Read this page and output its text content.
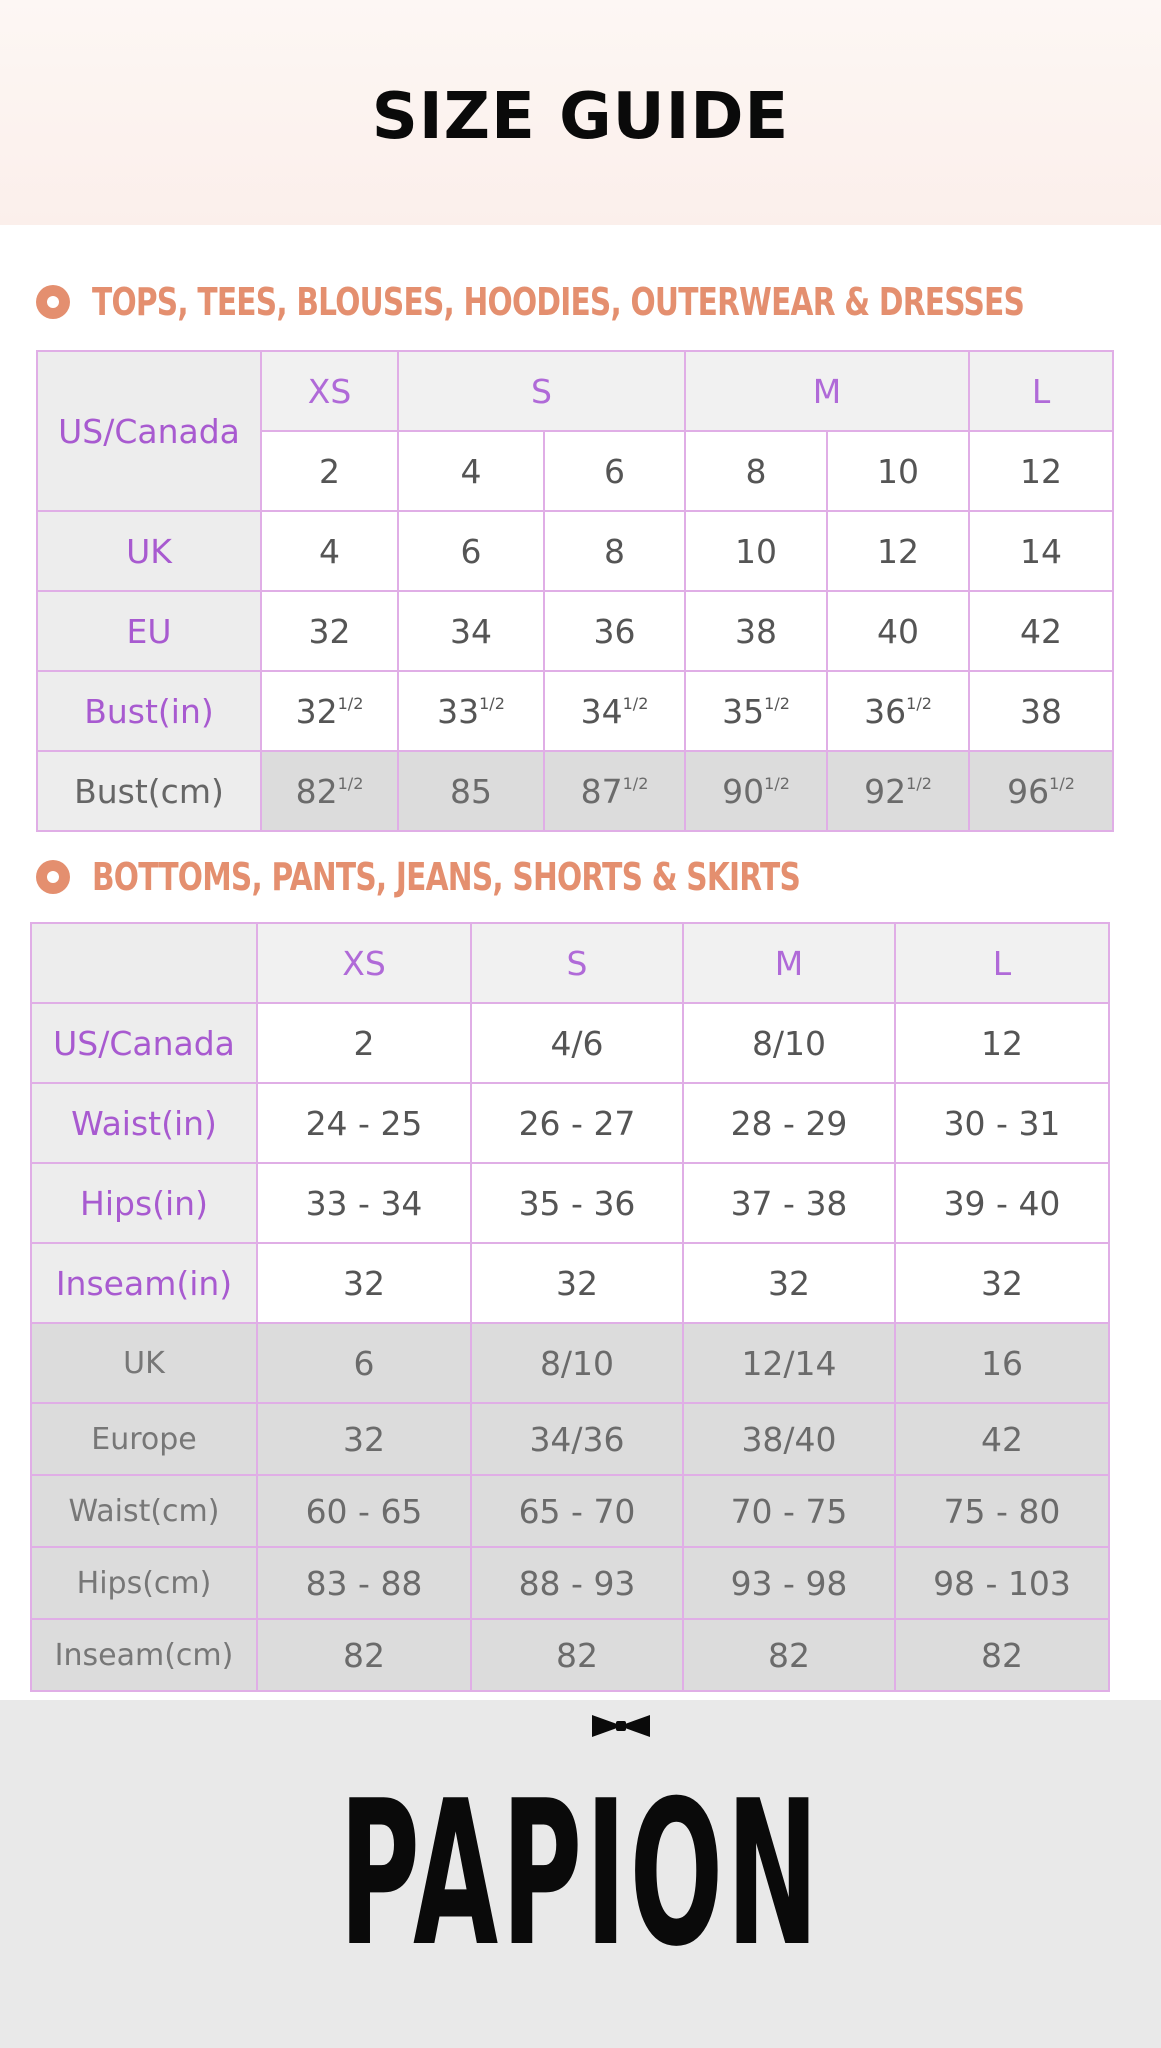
SIZE GUIDE
TOPS, TEES, BLOUSES, HOODIES, OUTERWEAR & DRESSES
US/Canada	XS	S		M		L
	2	4	6	8	10	12
UK	4	6	8	10	12	14
EU	32	34	36	38	40	42
Bust(in)	$32^{1/2}$	$33^{1/2}$	$34^{1/2}$	$35^{1/2}$	$36^{1/2}$	38
Bust(cm)	$82^{1/2}$	85	$87^{1/2}$	$90^{1/2}$	$92^{1/2}$	$96^{1/2}$
BOTTOMS, PANTS, JEANS, SHORTS & SKIRTS
	XS	S	M	L
US/Canada	2	4/6	8/10	12
Waist(in)	24 - 25	26 - 27	28 - 29	30 - 31
Hips(in)	33 - 34	35 - 36	37 - 38	39 - 40
Inseam(in)	32	32	32	32
UK	6	8/10	12/14	16
Europe	32	34/36	38/40	42
Waist(cm)	60 - 65	65 - 70	70 - 75	75 - 80
Hips(cm)	83 - 88	88 - 93	93 - 98	98 - 103
Inseam(cm)	82	82	82	82
PAPION
